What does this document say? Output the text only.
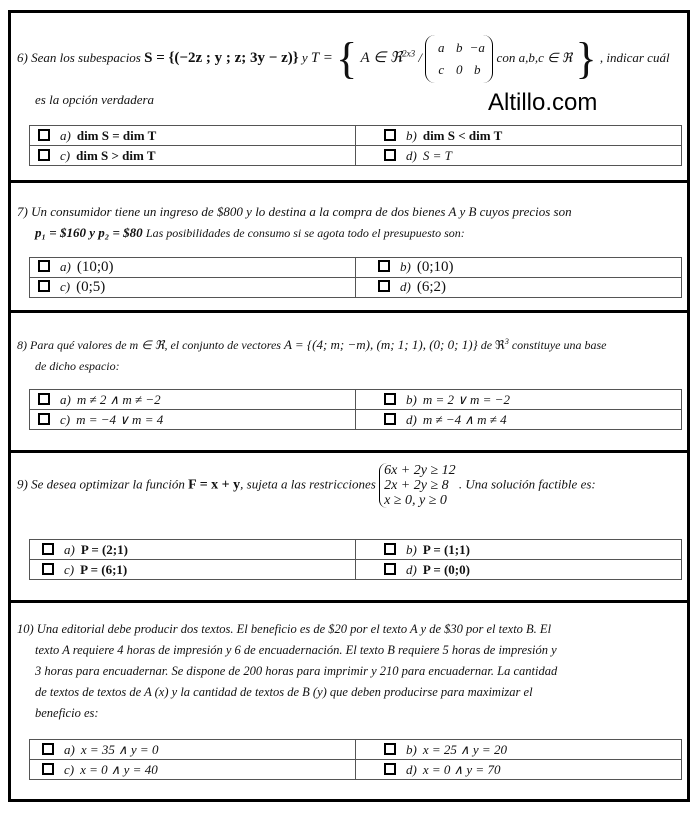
6) Sean los subespacios S = {(−2z ; y ; z; 3y − z)} y T = { A ∈ ℜ$^{2x3}$ / a b −a
c 0 b con a,b,c ∈ ℜ } , indicar cuál
es la opción verdadera	Altillo.com
a) dim S = dim T	b) dim S < dim T
c) dim S > dim T	d) S = T
7) Un consumidor tiene un ingreso de $800 y lo destina a la compra de dos bienes A y B cuyos precios son
p₁ = $160 y p₂ = $80 Las posibilidades de consumo si se agota todo el presupuesto son:
a) (10;0)	b) (0;10)
c) (0;5)	d) (6;2)
8) Para qué valores de m ∈ ℜ, el conjunto de vectores A = {(4; m; −m), (m; 1; 1), (0; 0; 1)} de ℜ$^3$ constituye una base
de dicho espacio:
a) m ≠ 2 ∧ m ≠ −2	b) m = 2 ∨ m = −2
c) m = −4 ∨ m = 4	d) m ≠ −4 ∧ m ≠ 4
9) Se desea optimizar la función F = x + y, sujeta a las restricciones 6x + 2y ≥ 12
2x + 2y ≥ 8
x ≥ 0, y ≥ 0 . Una solución factible es:
a) P = (2;1)	b) P = (1;1)
c) P = (6;1)	d) P = (0;0)
10) Una editorial debe producir dos textos. El beneficio es de $20 por el texto A y de $30 por el texto B. El
texto A requiere 4 horas de impresión y 6 de encuadernación. El texto B requiere 5 horas de impresión y
3 horas para encuadernar. Se dispone de 200 horas para imprimir y 210 para encuadernar. La cantidad
de textos de textos de A (x) y la cantidad de textos de B (y) que deben producirse para maximizar el
beneficio es:
a) x = 35 ∧ y = 0	b) x = 25 ∧ y = 20
c) x = 0 ∧ y = 40	d) x = 0 ∧ y = 70
